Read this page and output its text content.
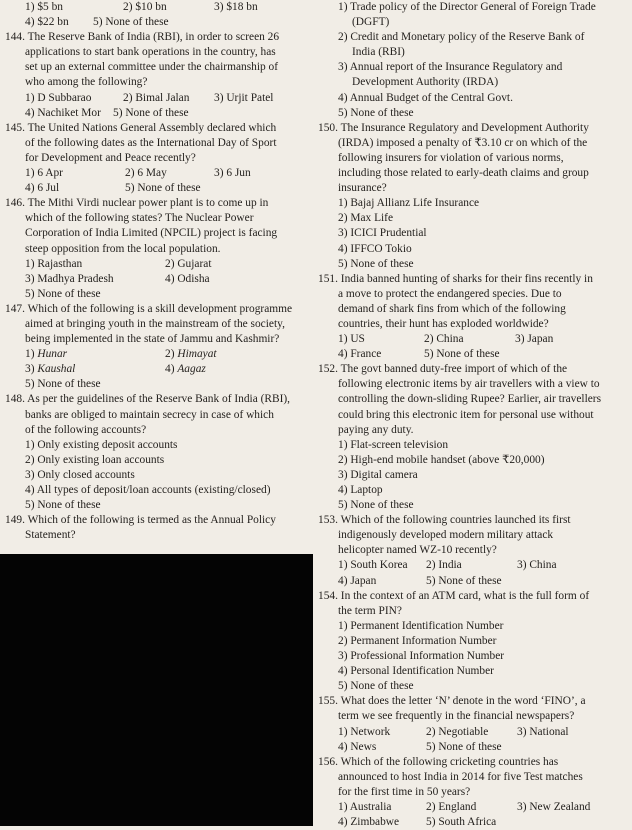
1) $5 bn	2) $10 bn	3) $18 bn
4) $22 bn	5) None of these
144. The Reserve Bank of India (RBI), in order to screen 26
applications to start bank operations in the country, has
set up an external committee under the chairmanship of
who among the following?
1) D Subbarao	2) Bimal Jalan	3) Urjit Patel
4) Nachiket Mor	5) None of these
145. The United Nations General Assembly declared which
of the following dates as the International Day of Sport
for Development and Peace recently?
1) 6 Apr	2) 6 May	3) 6 Jun
4) 6 Jul	5) None of these
146. The Mithi Virdi nuclear power plant is to come up in
which of the following states? The Nuclear Power
Corporation of India Limited (NPCIL) project is facing
steep opposition from the local population.
1) Rajasthan	2) Gujarat
3) Madhya Pradesh	4) Odisha
5) None of these
147. Which of the following is a skill development programme
aimed at bringing youth in the mainstream of the society,
being implemented in the state of Jammu and Kashmir?
1) Hunar	2) Himayat
3) Kaushal	4) Aagaz
5) None of these
148. As per the guidelines of the Reserve Bank of India (RBI),
banks are obliged to maintain secrecy in case of which
of the following accounts?
1) Only existing deposit accounts
2) Only existing loan accounts
3) Only closed accounts
4) All types of deposit/loan accounts (existing/closed)
5) None of these
149. Which of the following is termed as the Annual Policy
Statement?
1) Trade policy of the Director General of Foreign Trade
(DGFT)
2) Credit and Monetary policy of the Reserve Bank of
India (RBI)
3) Annual report of the Insurance Regulatory and
Development Authority (IRDA)
4) Annual Budget of the Central Govt.
5) None of these
150. The Insurance Regulatory and Development Authority
(IRDA) imposed a penalty of ₹3.10 cr on which of the
following insurers for violation of various norms,
including those related to early-death claims and group
insurance?
1) Bajaj Allianz Life Insurance
2) Max Life
3) ICICI Prudential
4) IFFCO Tokio
5) None of these
151. India banned hunting of sharks for their fins recently in
a move to protect the endangered species. Due to
demand of shark fins from which of the following
countries, their hunt has exploded worldwide?
1) US	2) China	3) Japan
4) France	5) None of these
152. The govt banned duty-free import of which of the
following electronic items by air travellers with a view to
controlling the down-sliding Rupee? Earlier, air travellers
could bring this electronic item for personal use without
paying any duty.
1) Flat-screen television
2) High-end mobile handset (above ₹20,000)
3) Digital camera
4) Laptop
5) None of these
153. Which of the following countries launched its first
indigenously developed modern military attack
helicopter named WZ-10 recently?
1) South Korea	2) India	3) China
4) Japan	5) None of these
154. In the context of an ATM card, what is the full form of
the term PIN?
1) Permanent Identification Number
2) Permanent Information Number
3) Professional Information Number
4) Personal Identification Number
5) None of these
155. What does the letter ‘N’ denote in the word ‘FINO’, a
term we see frequently in the financial newspapers?
1) Network	2) Negotiable	3) National
4) News	5) None of these
156. Which of the following cricketing countries has
announced to host India in 2014 for five Test matches
for the first time in 50 years?
1) Australia	2) England	3) New Zealand
4) Zimbabwe	5) South Africa
